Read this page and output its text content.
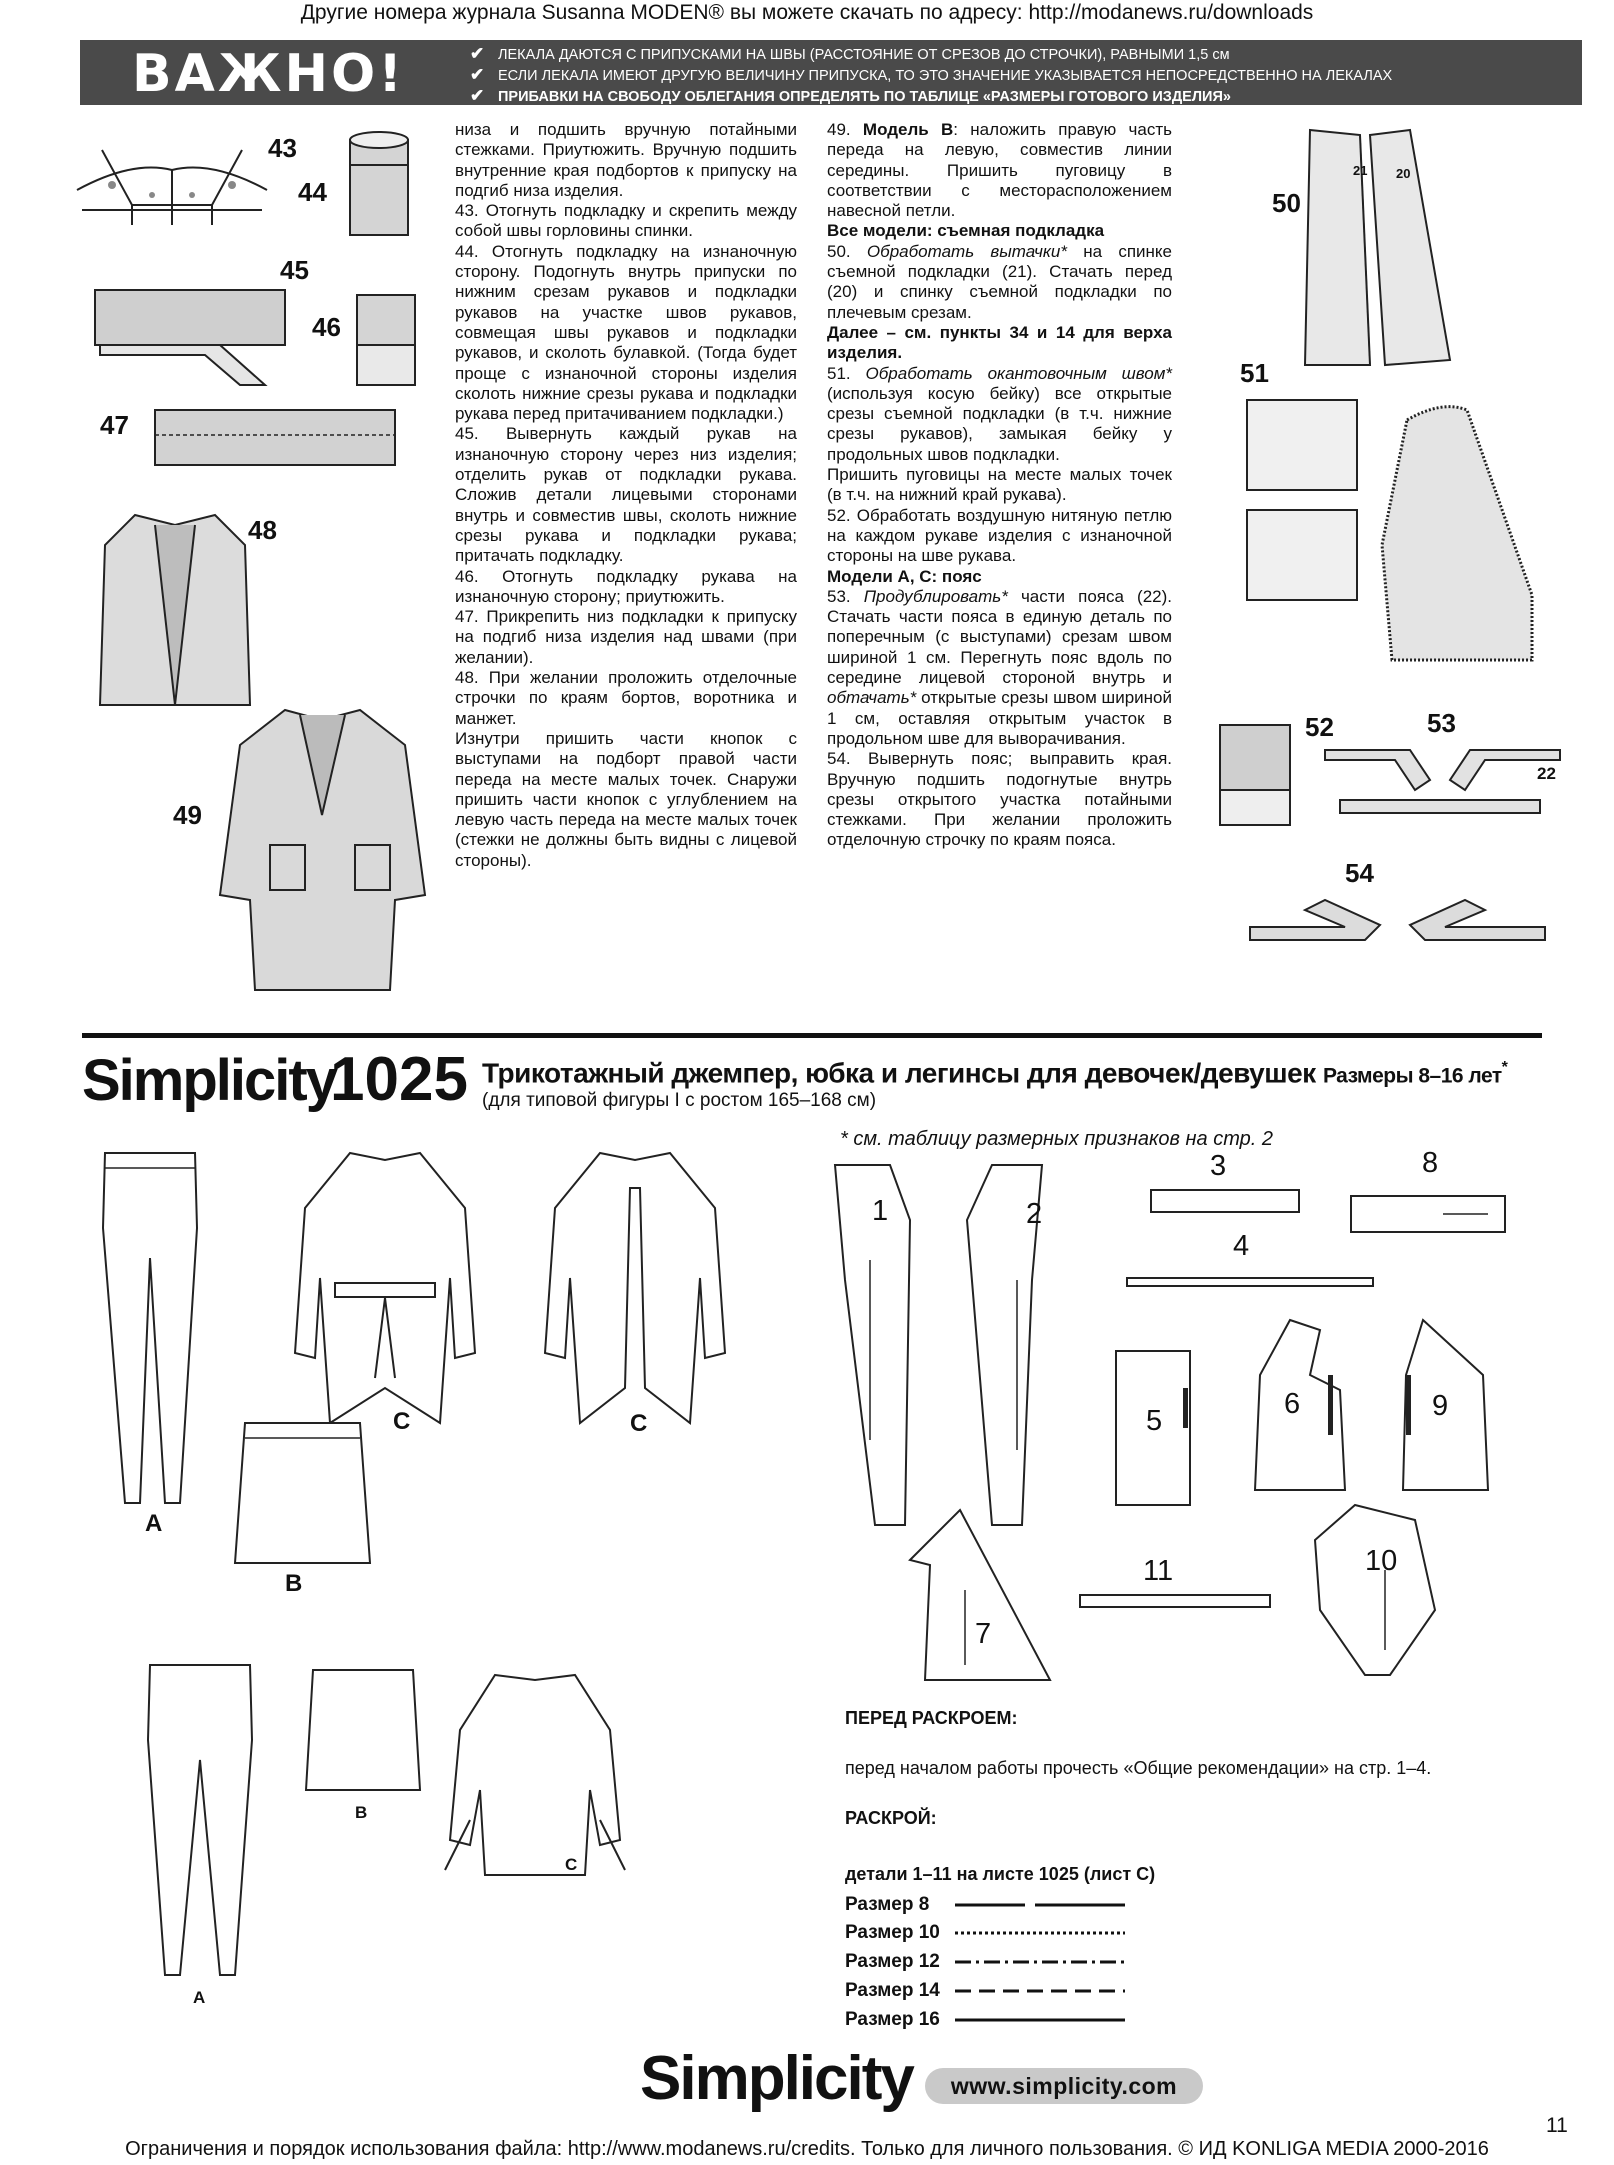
Другие номера журнала Susanna MODEN® вы можете скачать по адресу: http://modanews.ru/downloads
ВАЖНО!	✔ ЛЕКАЛА ДАЮТСЯ С ПРИПУСКАМИ НА ШВЫ (РАССТОЯНИЕ ОТ СРЕЗОВ ДО СТРОЧКИ), РАВНЫМИ 1,5 см
✔ ЕСЛИ ЛЕКАЛА ИМЕЮТ ДРУГУЮ ВЕЛИЧИНУ ПРИПУСКА, ТО ЭТО ЗНАЧЕНИЕ УКАЗЫВАЕТСЯ НЕПОСРЕДСТВЕННО НА ЛЕКАЛАХ
✔ ПРИБАВКИ НА СВОБОДУ ОБЛЕГАНИЯ ОПРЕДЕЛЯТЬ ПО ТАБЛИЦЕ «РАЗМЕРЫ ГОТОВОГО ИЗДЕЛИЯ»
43
44
45
46
47
48
49

низа и подшить вручную потайными стежками. Приутюжить. Вручную подшить внутренние края подбортов к припуску на подгиб низа изделия.

43. Отогнуть подкладку и скрепить между собой швы горловины спинки.

44. Отогнуть подкладку на изнаночную сторону. Подогнуть внутрь припуски по нижним срезам рукавов и подкладки рукавов на участке швов рукавов, совмещая швы рукавов и подкладки рукавов, и сколоть булавкой. (Тогда будет проще с изнаночной стороны изделия сколоть нижние срезы рукава и подкладки рукава перед притачиванием подкладки.)

45. Вывернуть каждый рукав на изнаночную сторону через низ изделия; отделить рукав от подкладки рукава. Сложив детали лицевыми сторонами внутрь и совместив швы, сколоть нижние срезы рукава и подкладки рукава; притачать подкладку.

46. Отогнуть подкладку рукава на изнаночную сторону; приутюжить.

47. Прикрепить низ подкладки к припуску на подгиб низа изделия над швами (при желании).

48. При желании проложить отделочные строчки по краям бортов, воротника и манжет.

Изнутри пришить части кнопок с выступами на подборт правой части переда на месте малых точек. Снаружи пришить части кнопок с углублением на левую часть переда на месте малых точек (стежки не должны быть видны с лицевой стороны).

49. Модель В: наложить правую часть переда на левую, совместив линии середины. Пришить пуговицу в соответствии с месторасположением навесной петли.

Все модели: съемная подкладка

50. Обработать вытачки* на спинке съемной подкладки (21). Стачать перед (20) и спинку съемной подкладки по плечевым срезам.

Далее – см. пункты 34 и 14 для верха изделия.

51. Обработать окантовочным швом* (используя косую бейку) все открытые срезы съемной подкладки (в т.ч. нижние срезы рукавов), замыкая бейку у продольных швов подкладки.

Пришить пуговицы на месте малых точек (в т.ч. на нижний край рукава).

52. Обработать воздушную нитяную петлю на каждом рукаве изделия с изнаночной стороны на шве рукава.

Модели А, С: пояс

53. Продублировать* части пояса (22). Стачать части пояса в единую деталь по поперечным (с выступами) срезам швом шириной 1 см. Перегнуть пояс вдоль по середине лицевой стороной внутрь и обтачать* открытые срезы швом шириной 1 см, оставляя открытым участок в продольном шве для выворачивания.

54. Вывернуть пояс; выправить края. Вручную подшить подогнутые внутрь срезы открытого участка потайными стежками. При желании проложить отделочную строчку по краям пояса.

50
21 20
51
52	53
22
54
Simplicity
1025 Трикотажный джемпер, юбка и легинсы для девочек/девушек Размеры 8–16 лет*
(для типовой фигуры I с ростом 165–168 см)
A
C	C
B
A
B
C
* см. таблицу размерных признаков на стр. 2
1	2
3	8
4
5
6	9
7
11	10
ПЕРЕД РАСКРОЕМ:
перед началом работы прочесть «Общие рекомендации» на стр. 1–4.
РАСКРОЙ:
детали 1–11 на листе 1025 (лист С)
Размер 8
Размер 10
Размер 12
Размер 14
Размер 16
Simplicity	www.simplicity.com
11
Ограничения и порядок использования файла: http://www.modanews.ru/credits. Только для личного пользования. © ИД KONLIGA MEDIA 2000-2016
